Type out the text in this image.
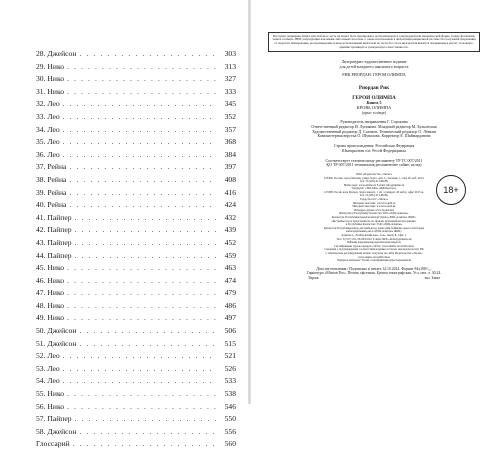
28. Джейсон . . .	303
29. Нико . . .	313
30. Нико . . .	327
31. Нико . . .	333
32. Лео . . .	345
33. Лео . . .	352
34. Лео . . .	357
35. Лео . . .	368
36. Лео . . .	384
37. Рейна . . .	397
38. Рейна . . .	408
39. Рейна . . .	416
40. Рейна . . .	424
41. Пайпер . . .	432
42. Пайпер . . .	439
43. Пайпер . . .	452
44. Пайпер . . .	459
45. Нико . . .	463
46. Нико . . .	474
47. Нико . . .	479
48. Нико . . .	486
49. Нико . . .	497
50. Джейсон . . .	506
51. Джейсон . . .	515
52. Лео . . .	521
53. Лео . . .	526
54. Лео . . .	533
55. Нико . . .	538
56. Нико . . .	546
57. Пайпер . . .	550
58. Джейсон . . .	556
Глоссарий . . .	560
Все права защищены. Книга или любая ее часть не может быть скопирована, воспроизведена в электронной или механической форме, в виде фотокопии, записи в память ЭВМ, репродукции или каким-либо иным способом, а также использована в любой информационной системе без получения разрешения от издателя. Копирование, воспроизведение и иное использование книги или ее части без согласия издателя является незаконным и влечет уголовную, административную и гражданскую ответственность.
Литературно-художественное издание
для детей младшего школьного возраста
РИК РИОРДАН. ГЕРОИ ОЛИМПА
Риордан Рик
ГЕРОИ ОЛИМПА
Книга 5
КРОВЬ ОЛИМПА
(орыс тілінде)
Руководитель направления Г. Сорокина
Ответственный редактор И. Лупикова. Младший редактор М. Бульонская
Художественный редактор Д. Сазонов. Технический редактор О. Лёвкин
Компьютерная верстка О. Шувалова. Корректор Е. Шаймарданова
Страна происхождения: Российская Федерация
Шығарылған елі: Ресей Федерациясы
Соответствует техническому регламенту ТР ТС 007/2011
ҚО ТР 007/2011 техникалық регламентіне сәйкес келеді
ООО «Издательство «Эксмо»
123308, Россия, город Москва, улица Зорге, дом 1, строение 1, этаж 20, каб. 2013.
Тел.: 8 (495) 411-68-86.
Home page: www.eksmo.ru E-mail: info@eksmo.ru
Өндіруші: «ЭКСМО» АҚБ Баспасы,
123308, Ресей, қала Мәскеу, Зорге көшесі, 1 үй, 1 ғимарат, 20 қабат, офис 2013 ж.
Тел.: 8 (495) 411-68-86.
Тауар белгісі: «Эксмо»
Интернет-магазин: www.book24.ru
Интернет-магазин: www.book24.kz
Интернет-дүкен: www.book24.kz
Импортёр в Республику Казахстан ТОО «РДЦ-Алматы».
Қазақстан Республикасындағы импорттаушы «РДЦ-Алматы» ЖШС.
Дистрибьютор и представитель по приему претензий на продукцию,
в Республике Казахстан: ТОО «РДЦ-Алматы»
Қазақстан Республикасында дистрибьютор және өнім бойынша арыз-талаптарды
қабылдаушының өкілі «РДЦ-Алматы» ЖШС,
Алматы қ., Домбровский көш., 3«а», литер Б, офис 1.
Тел.: 8 (727) 251-59-90/91/92; E-mail: RDC-Almaty@eksmo.kz
Өнімнің жарамдылық мерзімі шектелмеген.
Сертификация туралы ақпарат сайтта: www.eksmo.ru/certification
Сведения о подтверждении соответствия издания согласно законодательству РФ
о техническом регулировании можно получить на сайте Издательства «Эксмо»
www.eksmo.ru/certification
Өндірген мемлекет: Ресей. Сертификация қарастырылмаған
18+
Дата изготовления / Подписано в печать 14.10.2022. Формат 84x108¹/₃₂.
Гарнитура «Minion Pro». Печать офсетная. Бумага типографская. Усл. печ. л. 30,24.
Тираж	экз. Заказ
